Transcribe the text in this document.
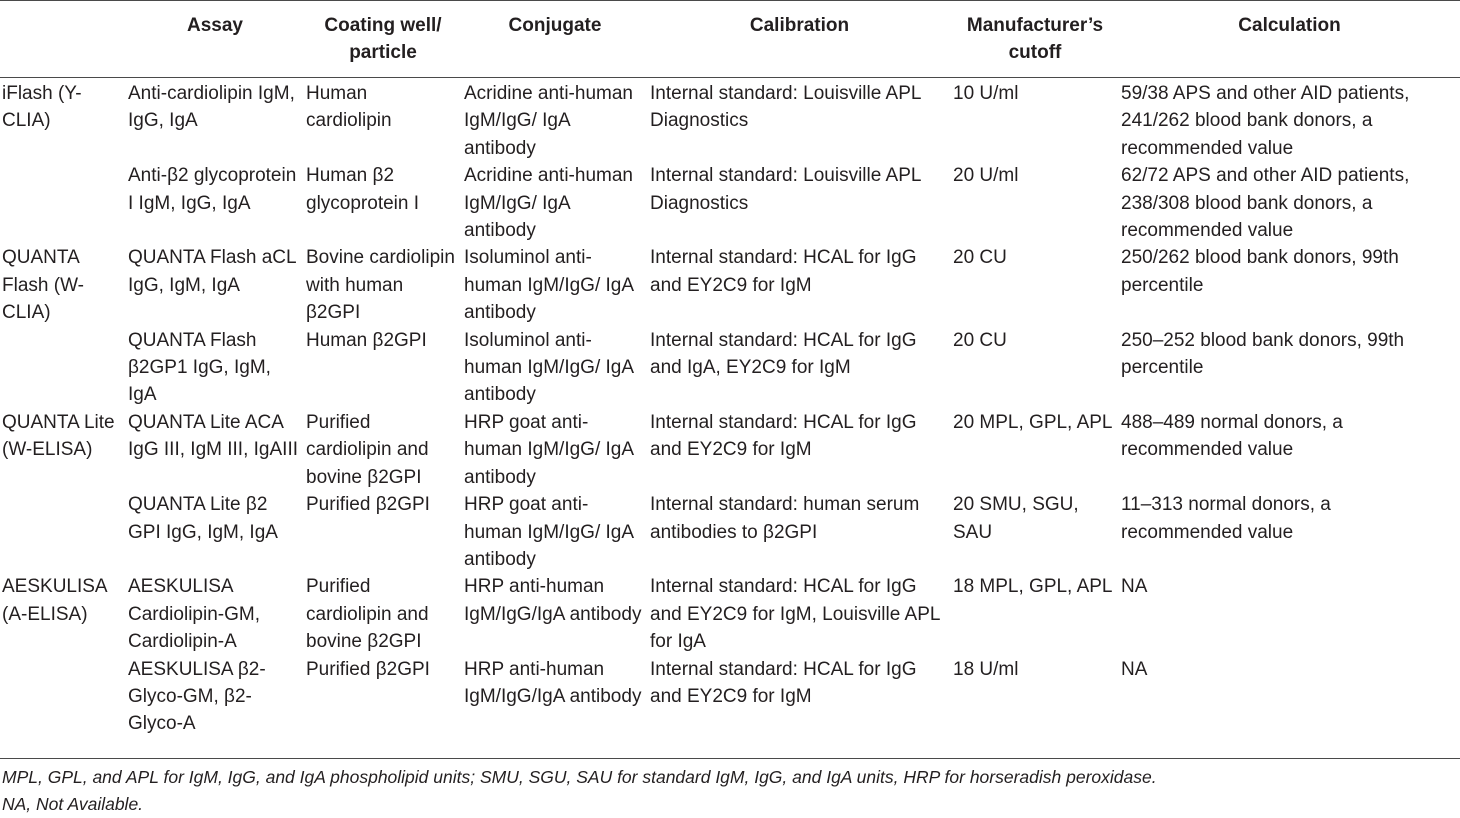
	Assay	Coating well/ particle	Conjugate	Calibration	Manufacturer’s cutoff	Calculation
iFlash (Y-CLIA)	Anti-cardiolipin IgM, IgG, IgA	Human cardiolipin	Acridine anti-human IgM/IgG/ IgA antibody	Internal standard: Louisville APL Diagnostics	10 U/ml	59/38 APS and other AID patients, 241/262 blood bank donors, a recommended value
	Anti-β2 glycoprotein I IgM, IgG, IgA	Human β2 glycoprotein I	Acridine anti-human IgM/IgG/ IgA antibody	Internal standard: Louisville APL Diagnostics	20 U/ml	62/72 APS and other AID patients, 238/308 blood bank donors, a recommended value
QUANTA Flash (W-CLIA)	QUANTA Flash aCL IgG, IgM, IgA	Bovine cardiolipin with human β2GPI	Isoluminol anti-human IgM/IgG/ IgA antibody	Internal standard: HCAL for IgG and EY2C9 for IgM	20 CU	250/262 blood bank donors, 99th percentile
	QUANTA Flash β2GP1 IgG, IgM, IgA	Human β2GPI	Isoluminol anti-human IgM/IgG/ IgA antibody	Internal standard: HCAL for IgG and IgA, EY2C9 for IgM	20 CU	250–252 blood bank donors, 99th percentile
QUANTA Lite (W-ELISA)	QUANTA Lite ACA IgG III, IgM III, IgAIII	Purified cardiolipin and bovine β2GPI	HRP goat anti-human IgM/IgG/ IgA antibody	Internal standard: HCAL for IgG and EY2C9 for IgM	20 MPL, GPL, APL	488–489 normal donors, a recommended value
	QUANTA Lite β2 GPI IgG, IgM, IgA	Purified β2GPI	HRP goat anti-human IgM/IgG/ IgA antibody	Internal standard: human serum antibodies to β2GPI	20 SMU, SGU, SAU	11–313 normal donors, a recommended value
AESKULISA (A-ELISA)	AESKULISA Cardiolipin-GM, Cardiolipin-A	Purified cardiolipin and bovine β2GPI	HRP anti-human IgM/IgG/IgA antibody	Internal standard: HCAL for IgG and EY2C9 for IgM, Louisville APL for IgA	18 MPL, GPL, APL	NA
	AESKULISA β2-Glyco-GM, β2-Glyco-A	Purified β2GPI	HRP anti-human IgM/IgG/IgA antibody	Internal standard: HCAL for IgG and EY2C9 for IgM	18 U/ml	NA
MPL, GPL, and APL for IgM, IgG, and IgA phospholipid units; SMU, SGU, SAU for standard IgM, IgG, and IgA units, HRP for horseradish peroxidase.
NA, Not Available.
